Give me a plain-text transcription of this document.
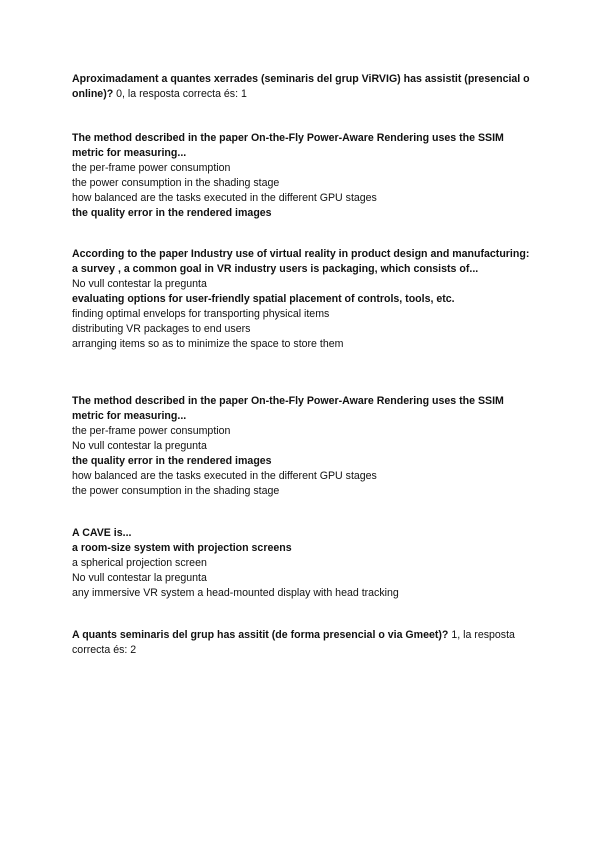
Aproximadament a quantes xerrades (seminaris del grup ViRVIG) has assistit (presencial o online)? 0, la resposta correcta és: 1
The method described in the paper On-the-Fly Power-Aware Rendering uses the SSIM metric for measuring...
the per-frame power consumption
the power consumption in the shading stage
how balanced are the tasks executed in the different GPU stages
the quality error in the rendered images
According to the paper Industry use of virtual reality in product design and manufacturing: a survey , a common goal in VR industry users is packaging, which consists of...
No vull contestar la pregunta
evaluating options for user-friendly spatial placement of controls, tools, etc.
finding optimal envelops for transporting physical items
distributing VR packages to end users
arranging items so as to minimize the space to store them
The method described in the paper On-the-Fly Power-Aware Rendering uses the SSIM metric for measuring...
the per-frame power consumption
No vull contestar la pregunta
the quality error in the rendered images
how balanced are the tasks executed in the different GPU stages
the power consumption in the shading stage
A CAVE is...
a room-size system with projection screens
a spherical projection screen
No vull contestar la pregunta
any immersive VR system a head-mounted display with head tracking
A quants seminaris del grup has assitit (de forma presencial o via Gmeet)? 1, la resposta correcta és: 2
